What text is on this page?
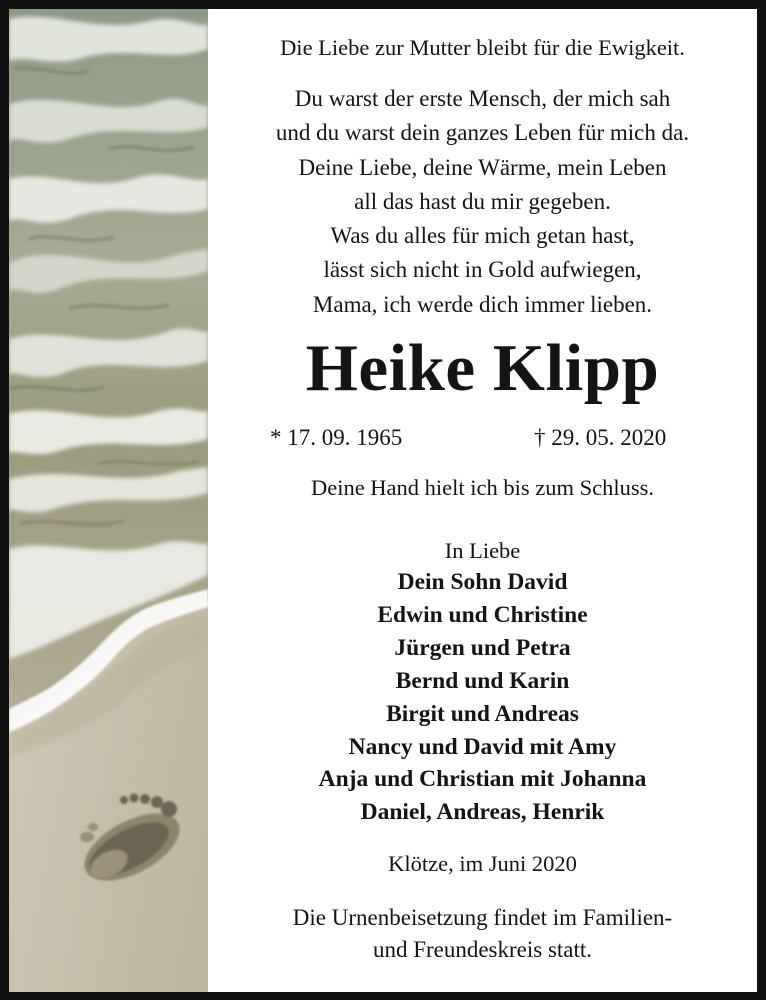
Die Liebe zur Mutter bleibt für die Ewigkeit.
Du warst der erste Mensch, der mich sah
und du warst dein ganzes Leben für mich da.
Deine Liebe, deine Wärme, mein Leben
all das hast du mir gegeben.
Was du alles für mich getan hast,
lässt sich nicht in Gold aufwiegen,
Mama, ich werde dich immer lieben.
Heike Klipp
* 17. 09. 1965	† 29. 05. 2020
Deine Hand hielt ich bis zum Schluss.
In Liebe
Dein Sohn David
Edwin und Christine
Jürgen und Petra
Bernd und Karin
Birgit und Andreas
Nancy und David mit Amy
Anja und Christian mit Johanna
Daniel, Andreas, Henrik
Klötze, im Juni 2020
Die Urnenbeisetzung findet im Familien-
und Freundeskreis statt.
